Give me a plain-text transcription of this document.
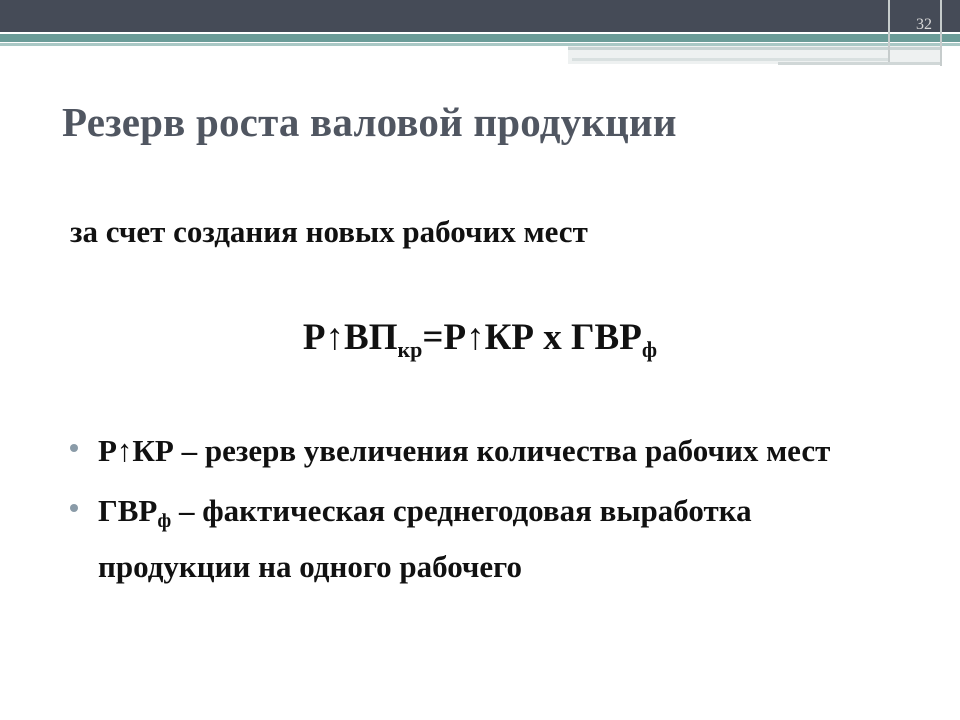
32
Резерв роста валовой продукции
за счет создания новых рабочих мест
$Р↑ВП_{кр}=Р↑КР$ х $ГВР_ф$
Р↑КР – резерв увеличения количества рабочих мест
$ГВР_ф$ – фактическая среднегодовая выработка продукции на одного рабочего
